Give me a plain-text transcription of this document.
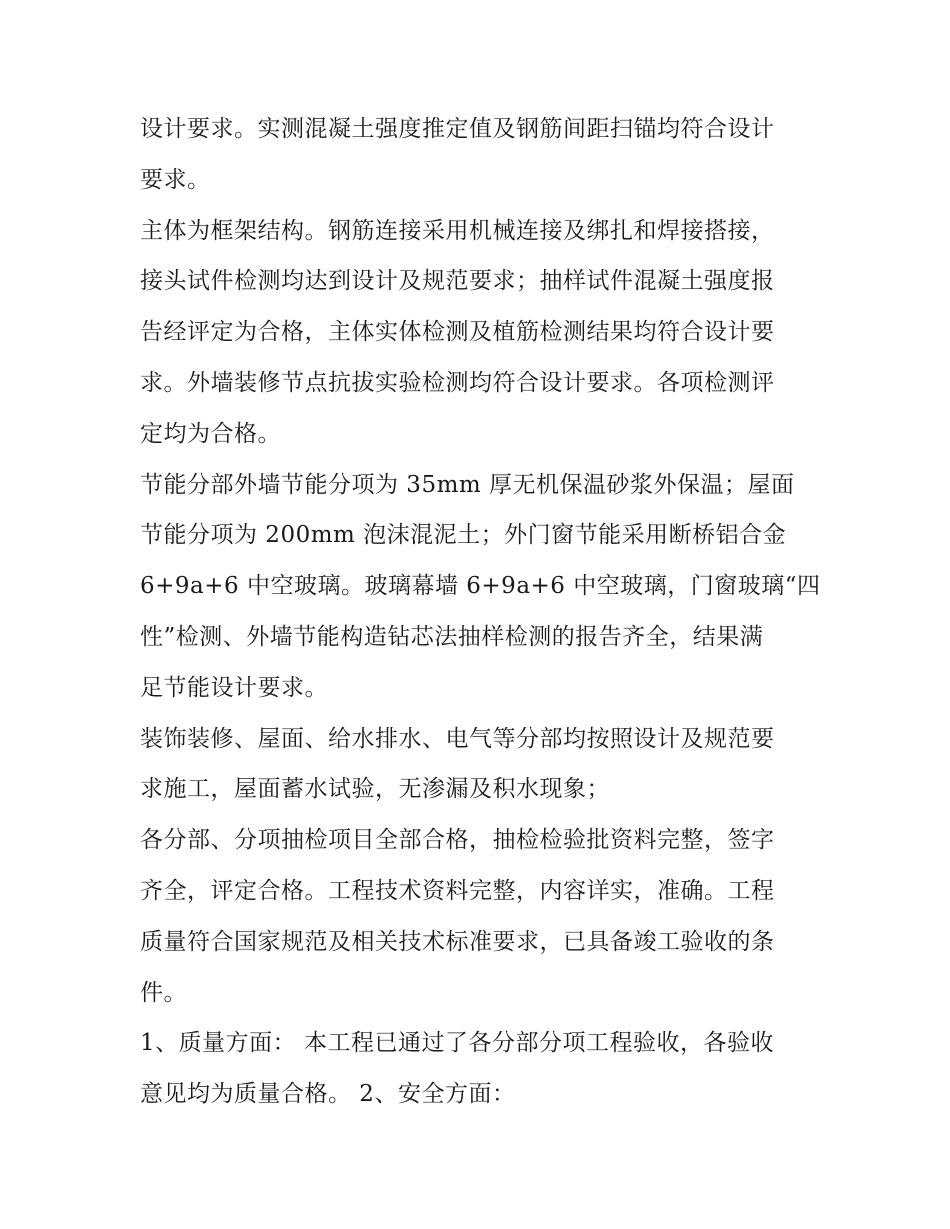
设计要求。实测混凝土强度推定值及钢筋间距扫锚均符合设计
要求。

主体为框架结构。钢筋连接采用机械连接及绑扎和焊接搭接，
接头试件检测均达到设计及规范要求；抽样试件混凝土强度报
告经评定为合格，主体实体检测及植筋检测结果均符合设计要
求。外墙装修节点抗拔实验检测均符合设计要求。各项检测评
定均为合格。

节能分部外墙节能分项为 35mm 厚无机保温砂浆外保温；屋面
节能分项为 200mm 泡沫混泥土；外门窗节能采用断桥铝合金
6+9a+6 中空玻璃。玻璃幕墙 6+9a+6 中空玻璃，门窗玻璃“四
性”检测、外墙节能构造钻芯法抽样检测的报告齐全，结果满
足节能设计要求。

装饰装修、屋面、给水排水、电气等分部均按照设计及规范要
求施工，屋面蓄水试验，无渗漏及积水现象；

各分部、分项抽检项目全部合格，抽检检验批资料完整，签字
齐全，评定合格。工程技术资料完整，内容详实，准确。工程
质量符合国家规范及相关技术标准要求，已具备竣工验收的条
件。

1、质量方面： 本工程已通过了各分部分项工程验收，各验收
意见均为质量合格。 2、安全方面：
